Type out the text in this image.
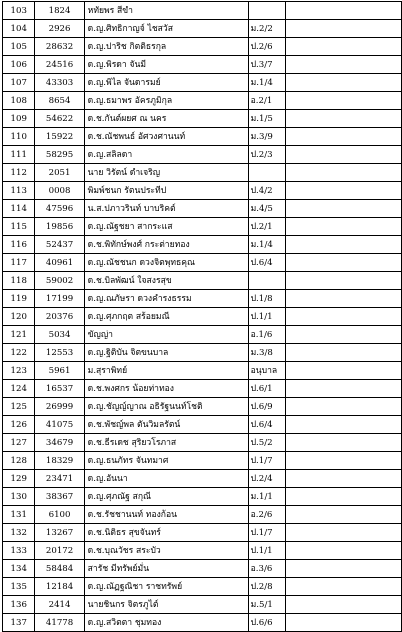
103	1824	หทัยพร สีขำ		
104	2926	ด.ญ.ศิทธิกาญจ์ ไชสวัส	ม.2/2	
105	28632	ด.ญ.ปาริช กิตติธรกุล	ป.2/6	
106	24516	ด.ญ.พิรดา จันมี	ป.3/7	
107	43303	ด.ญ.พิไล จันดารมย์	ม.1/4	
108	8654	ด.ญ.ธมาพร อัครภูมิกุล	อ.2/1	
109	54622	ด.ช.กันต์ผยศ ณ นคร	ม.1/5	
110	15922	ด.ช.ณัชพนธ์ อัศวงศานนท์	ม.3/9	
111	58295	ด.ญ.สลิลดา	ป.2/3	
112	2051	นาย วิรัตน์ ดำเจริญ		
113	0008	พิมพ์ชนก รัตนประทีป	ป.4/2	
114	47596	น.ส.ปภาวรินท์ บาบริคต์	ม.4/5	
115	19856	ด.ญ.ณัฐชยา สากระแส	ป.2/1	
116	52437	ด.ช.พิทักษ์พงศ์ กระต่ายทอง	ม.1/4	
117	40961	ด.ญ.ณัชชนก ดวงจิตพุทธคุณ	ป.6/4	
118	59002	ด.ช.บิลพัฒน์ ใจสงรสุข		
119	17199	ด.ญ.ณภัษรา ดวงคำรงธรรม	ป.1/8	
120	20376	ด.ญ.ศุภกฤต สร้อยมณี	ป.1/1	
121	5034	ขัญญ่า	อ.1/6	
122	12553	ด.ญ.ฐิติบัน จิตขนบาล	ม.3/8	
123	5961	ม.สุราพิทย์	อนุบาล	
124	16537	ด.ช.พงศกร น้อยท่าทอง	ป.6/1	
125	26999	ด.ญ.ชัญญ์ญาณ อธิรัฐนนท์โชติ	ป.6/9	
126	41075	ด.ช.พัชญ์พล ตันวิมลรัตน์	ป.6/4	
127	34679	ด.ช.ธีรเดช สุริยวโรภาส	ป.5/2	
128	18329	ด.ญ.ธนภัทร จันทมาศ	ป.1/7	
129	23471	ด.ญ.อันนา	ป.2/4	
130	38367	ด.ญ.ศุภณัฐ สกุณี	ม.1/1	
131	6100	ด.ช.รัชชานนท์ ทองก้อน	อ.2/6	
132	13267	ด.ช.นิติธร สุขจันทร์	ป.1/7	
133	20172	ด.ช.บุณวัชร สระบัว	ป.1/1	
134	58484	สารัช มีทรัพย์มั่น	อ.3/6	
135	12184	ด.ญ.ณัฏฐณิชา ราชทรัพย์	ป.2/8	
136	2414	นายชินกร จิตรภูไต์	ม.5/1	
137	41778	ด.ญ.สวิตตา ชุมทอง	ป.6/6	
